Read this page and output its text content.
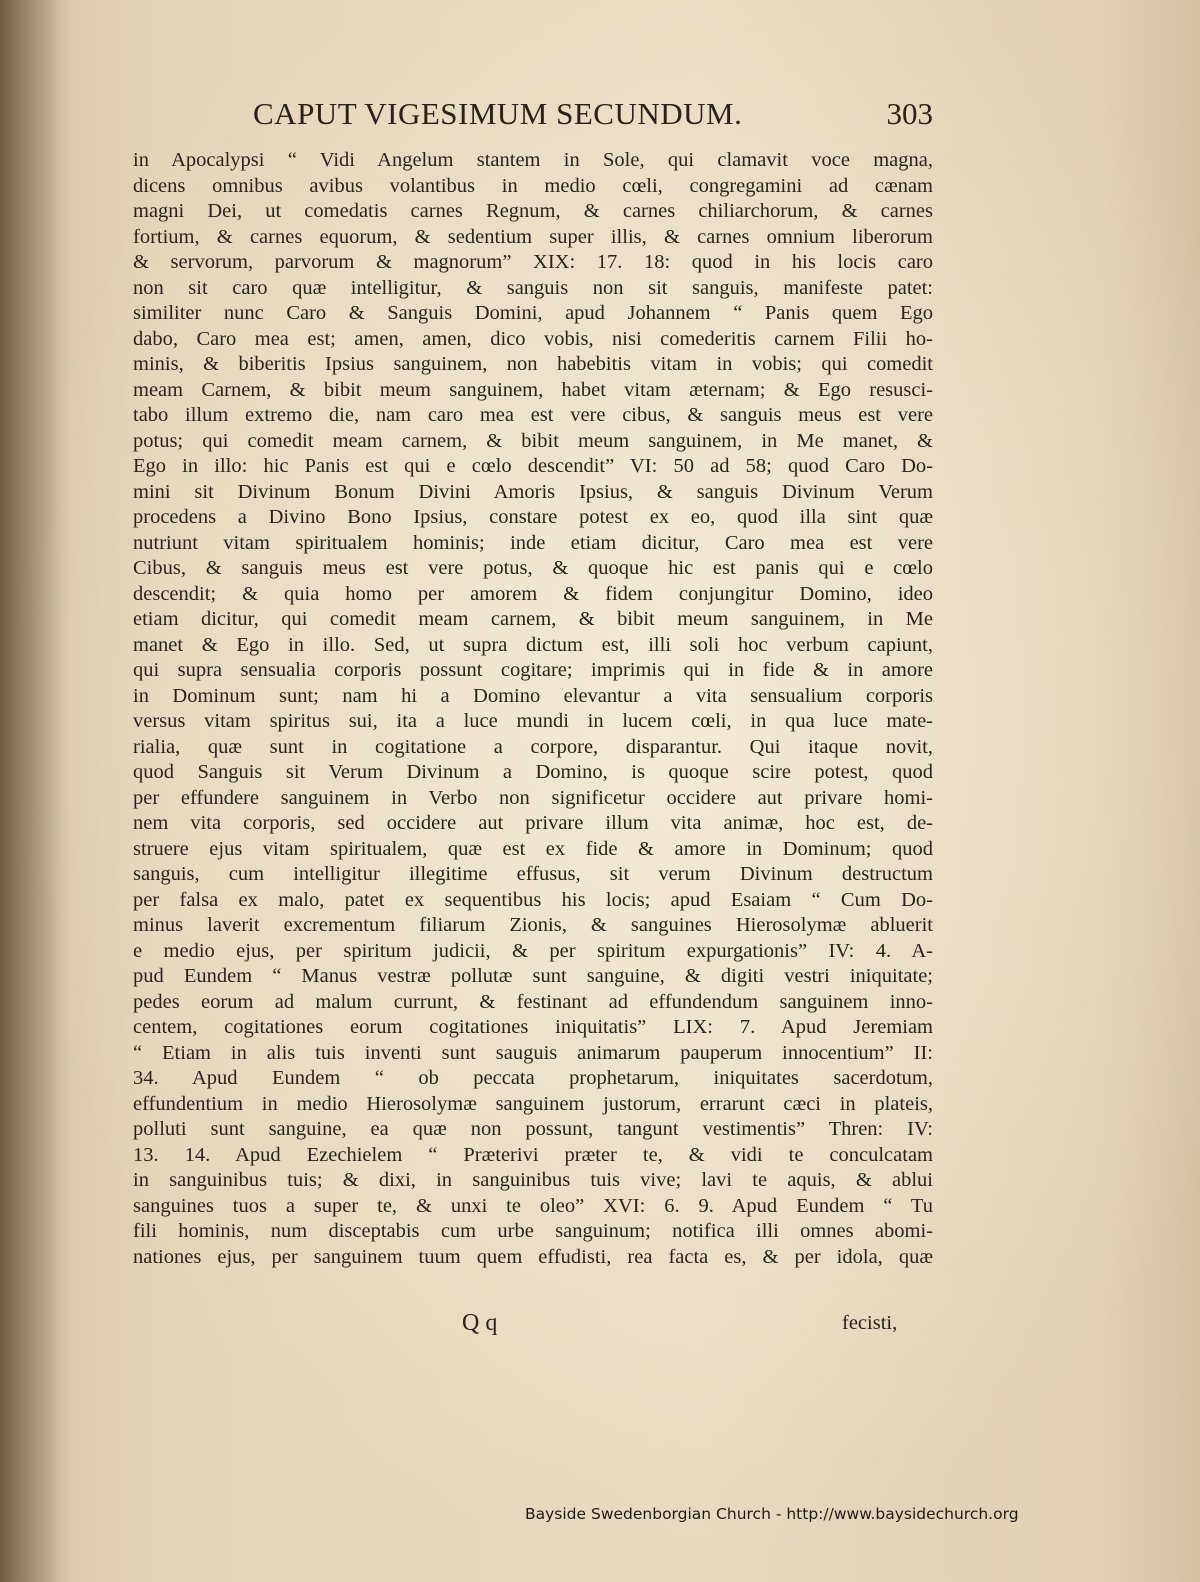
CAPUT VIGESIMUM SECUNDUM.	303
in Apocalypsi “ Vidi Angelum stantem in Sole, qui clamavit voce magna,
dicens omnibus avibus volantibus in medio cœli, congregamini ad cænam
magni Dei, ut comedatis carnes Regnum, & carnes chiliarchorum, & carnes
fortium, & carnes equorum, & sedentium super illis, & carnes omnium liberorum
& servorum, parvorum & magnorum” XIX: 17. 18: quod in his locis caro
non sit caro quæ intelligitur, & sanguis non sit sanguis, manifeste patet:
similiter nunc Caro & Sanguis Domini, apud Johannem “ Panis quem Ego
dabo, Caro mea est; amen, amen, dico vobis, nisi comederitis carnem Filii ho-
minis, & biberitis Ipsius sanguinem, non habebitis vitam in vobis; qui comedit
meam Carnem, & bibit meum sanguinem, habet vitam æternam; & Ego resusci-
tabo illum extremo die, nam caro mea est vere cibus, & sanguis meus est vere
potus; qui comedit meam carnem, & bibit meum sanguinem, in Me manet, &
Ego in illo: hic Panis est qui e cœlo descendit” VI: 50 ad 58; quod Caro Do-
mini sit Divinum Bonum Divini Amoris Ipsius, & sanguis Divinum Verum
procedens a Divino Bono Ipsius, constare potest ex eo, quod illa sint quæ
nutriunt vitam spiritualem hominis; inde etiam dicitur, Caro mea est vere
Cibus, & sanguis meus est vere potus, & quoque hic est panis qui e cœlo
descendit; & quia homo per amorem & fidem conjungitur Domino, ideo
etiam dicitur, qui comedit meam carnem, & bibit meum sanguinem, in Me
manet & Ego in illo. Sed, ut supra dictum est, illi soli hoc verbum capiunt,
qui supra sensualia corporis possunt cogitare; imprimis qui in fide & in amore
in Dominum sunt; nam hi a Domino elevantur a vita sensualium corporis
versus vitam spiritus sui, ita a luce mundi in lucem cœli, in qua luce mate-
rialia, quæ sunt in cogitatione a corpore, disparantur. Qui itaque novit,
quod Sanguis sit Verum Divinum a Domino, is quoque scire potest, quod
per effundere sanguinem in Verbo non significetur occidere aut privare homi-
nem vita corporis, sed occidere aut privare illum vita animæ, hoc est, de-
struere ejus vitam spiritualem, quæ est ex fide & amore in Dominum; quod
sanguis, cum intelligitur illegitime effusus, sit verum Divinum destructum
per falsa ex malo, patet ex sequentibus his locis; apud Esaiam “ Cum Do-
minus laverit excrementum filiarum Zionis, & sanguines Hierosolymæ abluerit
e medio ejus, per spiritum judicii, & per spiritum expurgationis” IV: 4. A-
pud Eundem “ Manus vestræ pollutæ sunt sanguine, & digiti vestri iniquitate;
pedes eorum ad malum currunt, & festinant ad effundendum sanguinem inno-
centem, cogitationes eorum cogitationes iniquitatis” LIX: 7. Apud Jeremiam
“ Etiam in alis tuis inventi sunt sauguis animarum pauperum innocentium” II:
34. Apud Eundem “ ob peccata prophetarum, iniquitates sacerdotum,
effundentium in medio Hierosolymæ sanguinem justorum, errarunt cæci in plateis,
polluti sunt sanguine, ea quæ non possunt, tangunt vestimentis” Thren: IV:
13. 14. Apud Ezechielem “ Præterivi præter te, & vidi te conculcatam
in sanguinibus tuis; & dixi, in sanguinibus tuis vive; lavi te aquis, & ablui
sanguines tuos a super te, & unxi te oleo” XVI: 6. 9. Apud Eundem “ Tu
fili hominis, num disceptabis cum urbe sanguinum; notifica illi omnes abomi-
nationes ejus, per sanguinem tuum quem effudisti, rea facta es, & per idola, quæ
Q q	fecisti,
Bayside Swedenborgian Church - http://www.baysidechurch.org
